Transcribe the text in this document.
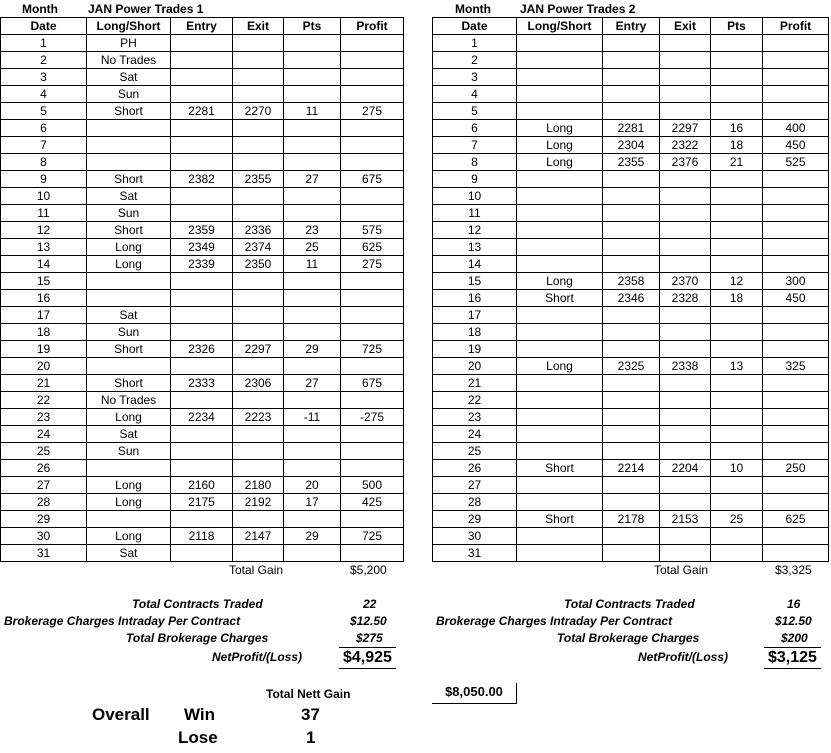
Month	JAN Power Trades 1
Date	Long/Short	Entry	Exit	Pts	Profit
1	PH				
2	No Trades				
3	Sat				
4	Sun				
5	Short	2281	2270	11	275
6					
7					
8					
9	Short	2382	2355	27	675
10	Sat				
11	Sun				
12	Short	2359	2336	23	575
13	Long	2349	2374	25	625
14	Long	2339	2350	11	275
15					
16					
17	Sat				
18	Sun				
19	Short	2326	2297	29	725
20					
21	Short	2333	2306	27	675
22	No Trades				
23	Long	2234	2223	-11	-275
24	Sat				
25	Sun				
26					
27	Long	2160	2180	20	500
28	Long	2175	2192	17	425
29					
30	Long	2118	2147	29	725
31	Sat				
Month JAN Power Trades 2
Date	Long/Short	Entry	Exit	Pts	Profit
1					
2					
3					
4					
5					
6	Long	2281	2297	16	400
7	Long	2304	2322	18	450
8	Long	2355	2376	21	525
9					
10					
11					
12					
13					
14					
15	Long	2358	2370	12	300
16	Short	2346	2328	18	450
17					
18					
19					
20	Long	2325	2338	13	325
21					
22					
23					
24					
25					
26	Short	2214	2204	10	250
27					
28					
29	Short	2178	2153	25	625
30					
31					
Total Gain	$5,200
Total Contracts Traded	22
Brokerage Charges Intraday Per Contract	$12.50
Total Brokerage Charges	$275
NetProfit/(Loss)	$4,925
Total Gain	$3,325
Total Contracts Traded	16
Brokerage Charges Intraday Per Contract	$12.50
Total Brokerage Charges	$200
NetProfit/(Loss)	$3,125
Total Nett Gain	$8,050.00
Overall Win	37
Lose	1
